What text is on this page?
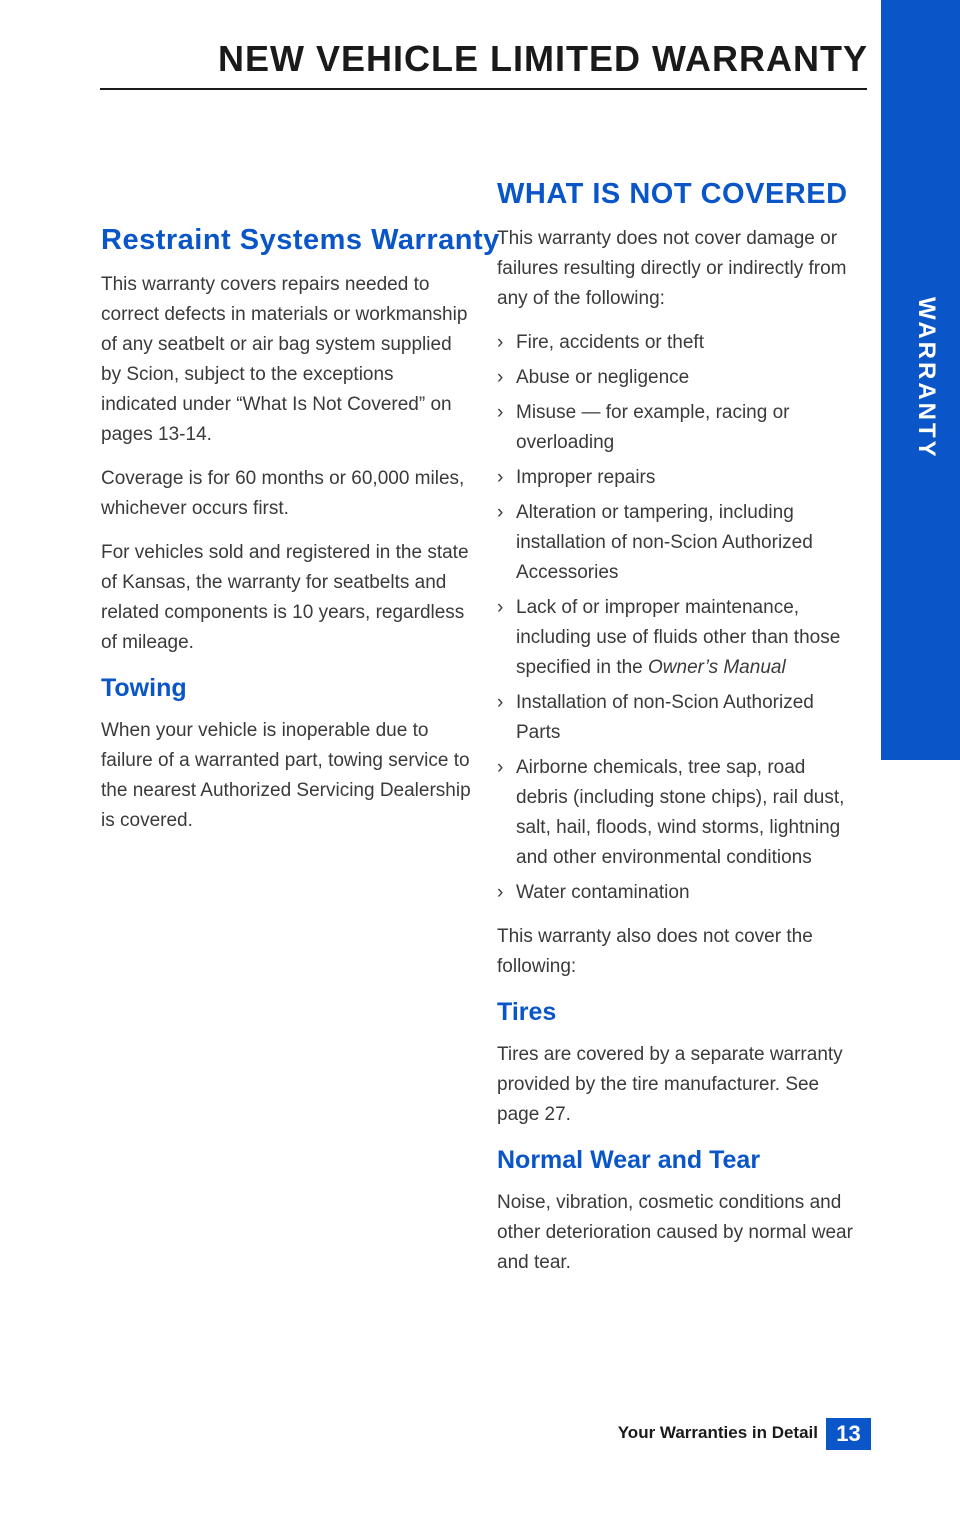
NEW VEHICLE LIMITED WARRANTY
WARRANTY
Restraint Systems Warranty

This warranty covers repairs needed to correct defects in materials or workmanship of any seatbelt or air bag system supplied by Scion, subject to the exceptions indicated under “What Is Not Covered” on pages 13-14.

Coverage is for 60 months or 60,000 miles, whichever occurs first.

For vehicles sold and registered in the state of Kansas, the warranty for seatbelts and related components is 10 years, regardless of mileage.

Towing

When your vehicle is inoperable due to failure of a warranted part, towing service to the nearest Authorized Servicing Dealership is covered.

WHAT IS NOT COVERED

This warranty does not cover damage or failures resulting directly or indirectly from any of the following:

› Fire, accidents or theft
› Abuse or negligence
› Misuse — for example, racing or overloading
› Improper repairs
› Alteration or tampering, including installation of non-Scion Authorized Accessories
› Lack of or improper maintenance, including use of fluids other than those specified in the Owner’s Manual
› Installation of non-Scion Authorized Parts
› Airborne chemicals, tree sap, road debris (including stone chips), rail dust, salt, hail, floods, wind storms, lightning and other environmental conditions
› Water contamination

This warranty also does not cover the following:

Tires

Tires are covered by a separate warranty provided by the tire manufacturer. See page 27.

Normal Wear and Tear

Noise, vibration, cosmetic conditions and other deterioration caused by normal wear and tear.

Your Warranties in Detail 13
